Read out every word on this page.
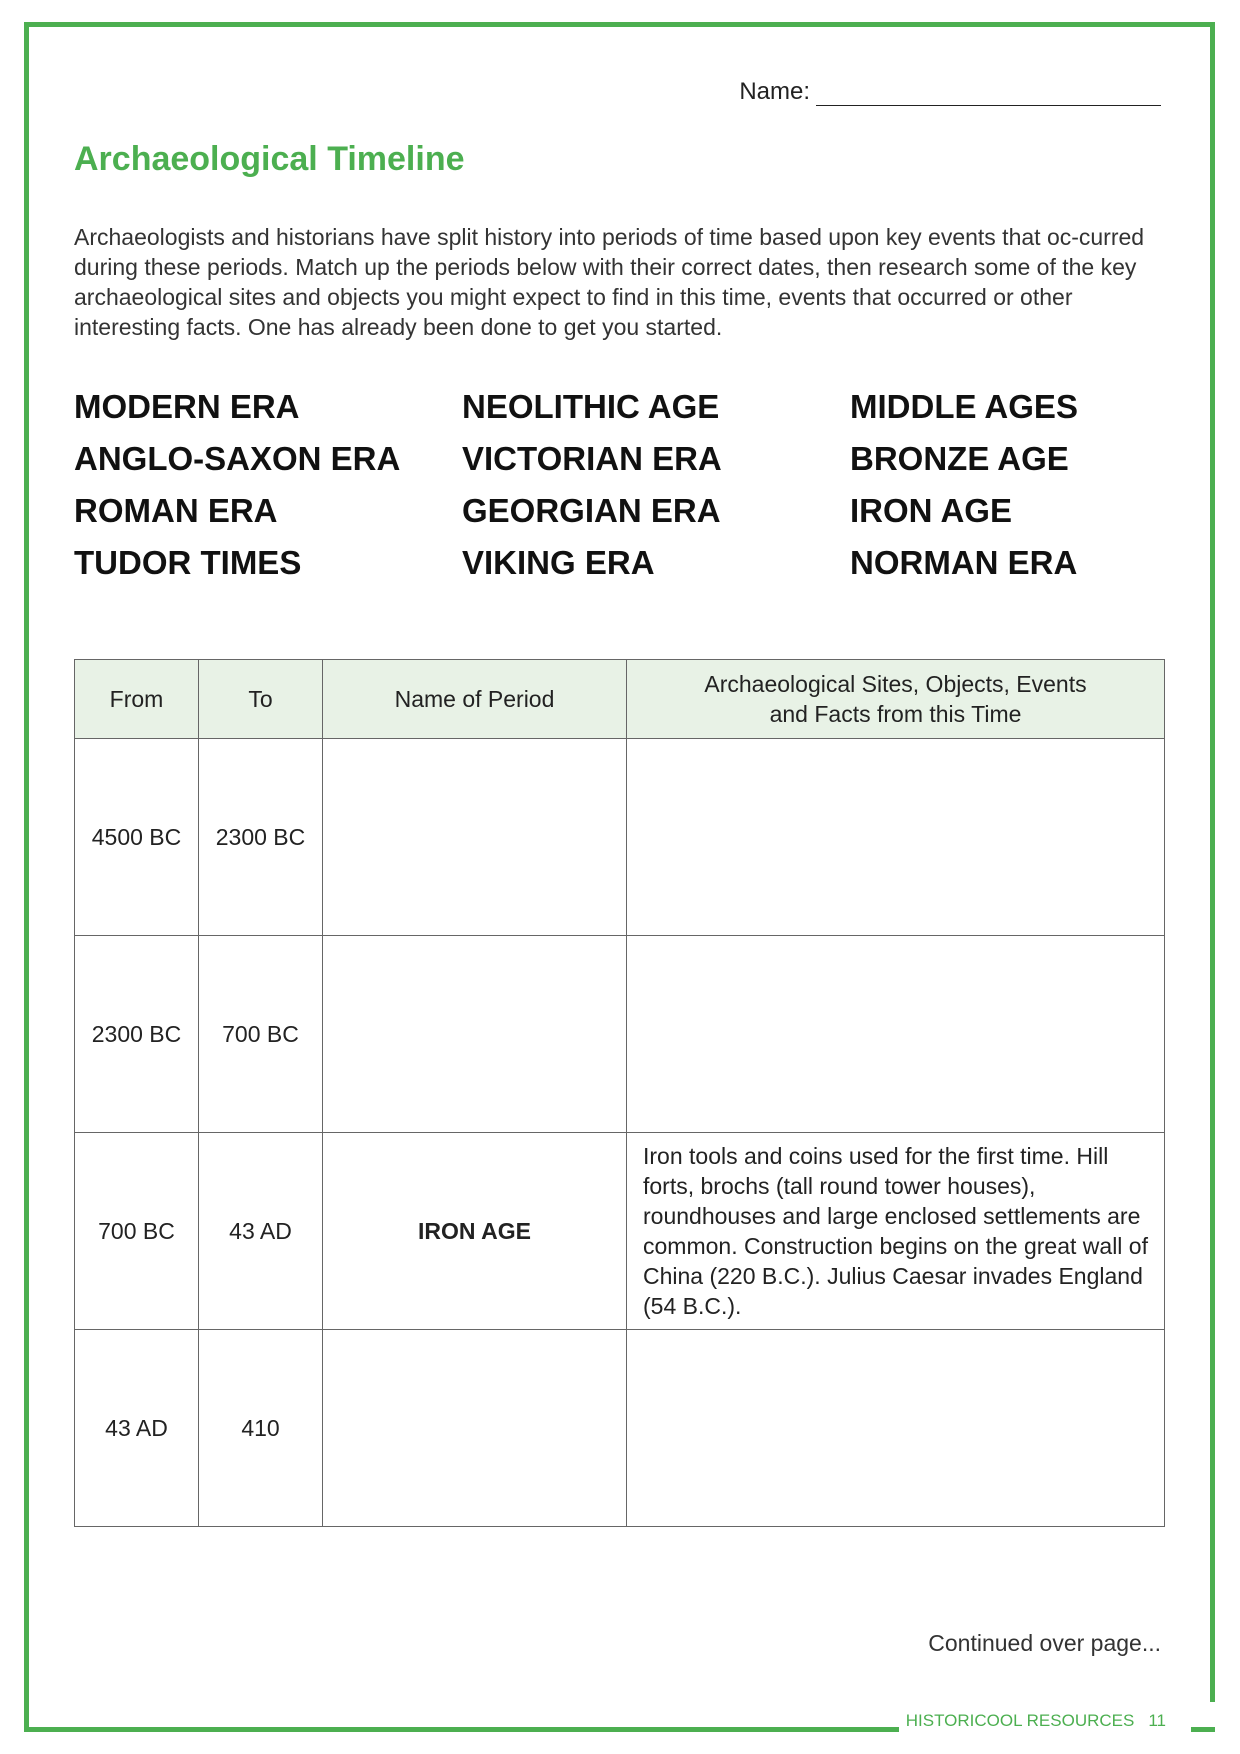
Name:
Archaeological Timeline

Archaeologists and historians have split history into periods of time based upon key events that oc-curred during these periods. Match up the periods below with their correct dates, then research some of the key archaeological sites and objects you might expect to find in this time, events that occurred or other interesting facts. One has already been done to get you started.

MODERN ERA	NEOLITHIC AGE	MIDDLE AGES
ANGLO-SAXON ERA	VICTORIAN ERA	BRONZE AGE
ROMAN ERA	GEORGIAN ERA	IRON AGE
TUDOR TIMES	VIKING ERA	NORMAN ERA
From	To	Name of Period	Archaeological Sites, Objects, Events and Facts from this Time
4500 BC	2300 BC		
2300 BC	700 BC		
700 BC	43 AD	IRON AGE	Iron tools and coins used for the first time. Hill forts, brochs (tall round tower houses), roundhouses and large enclosed settlements are common. Construction begins on the great wall of China (220 B.C.). Julius Caesar invades England (54 B.C.).
43 AD	410		
Continued over page...
HISTORICOOL RESOURCES 11
